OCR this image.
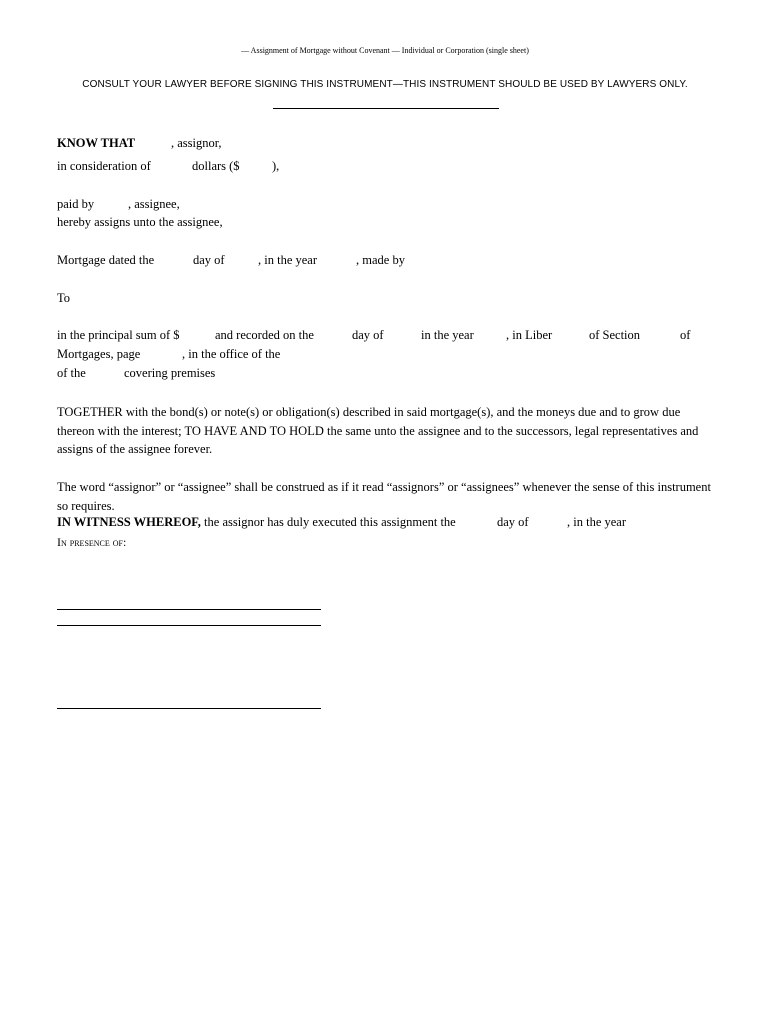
— Assignment of Mortgage without Covenant — Individual or Corporation (single sheet)
CONSULT YOUR LAWYER BEFORE SIGNING THIS INSTRUMENT—THIS INSTRUMENT SHOULD BE USED BY LAWYERS ONLY.
KNOW THAT	, assignor,
in consideration of	dollars ($	),
paid by	, assignee,
hereby assigns unto the assignee,
Mortgage dated the	day of	, in the year	, made by
To
in the principal sum of $	and recorded on the	day of	in the year	, in Liber	of Section	of
Mortgages, page	, in the office of the
of the	covering premises
TOGETHER with the bond(s) or note(s) or obligation(s) described in said mortgage(s), and the moneys due and to grow due thereon with the interest; TO HAVE AND TO HOLD the same unto the assignee and to the successors, legal representatives and assigns of the assignee forever.
The word “assignor” or “assignee” shall be construed as if it read “assignors” or “assignees” whenever the sense of this instrument so requires.
IN WITNESS WHEREOF, the assignor has duly executed this assignment the	day of	, in the year
In presence of:
